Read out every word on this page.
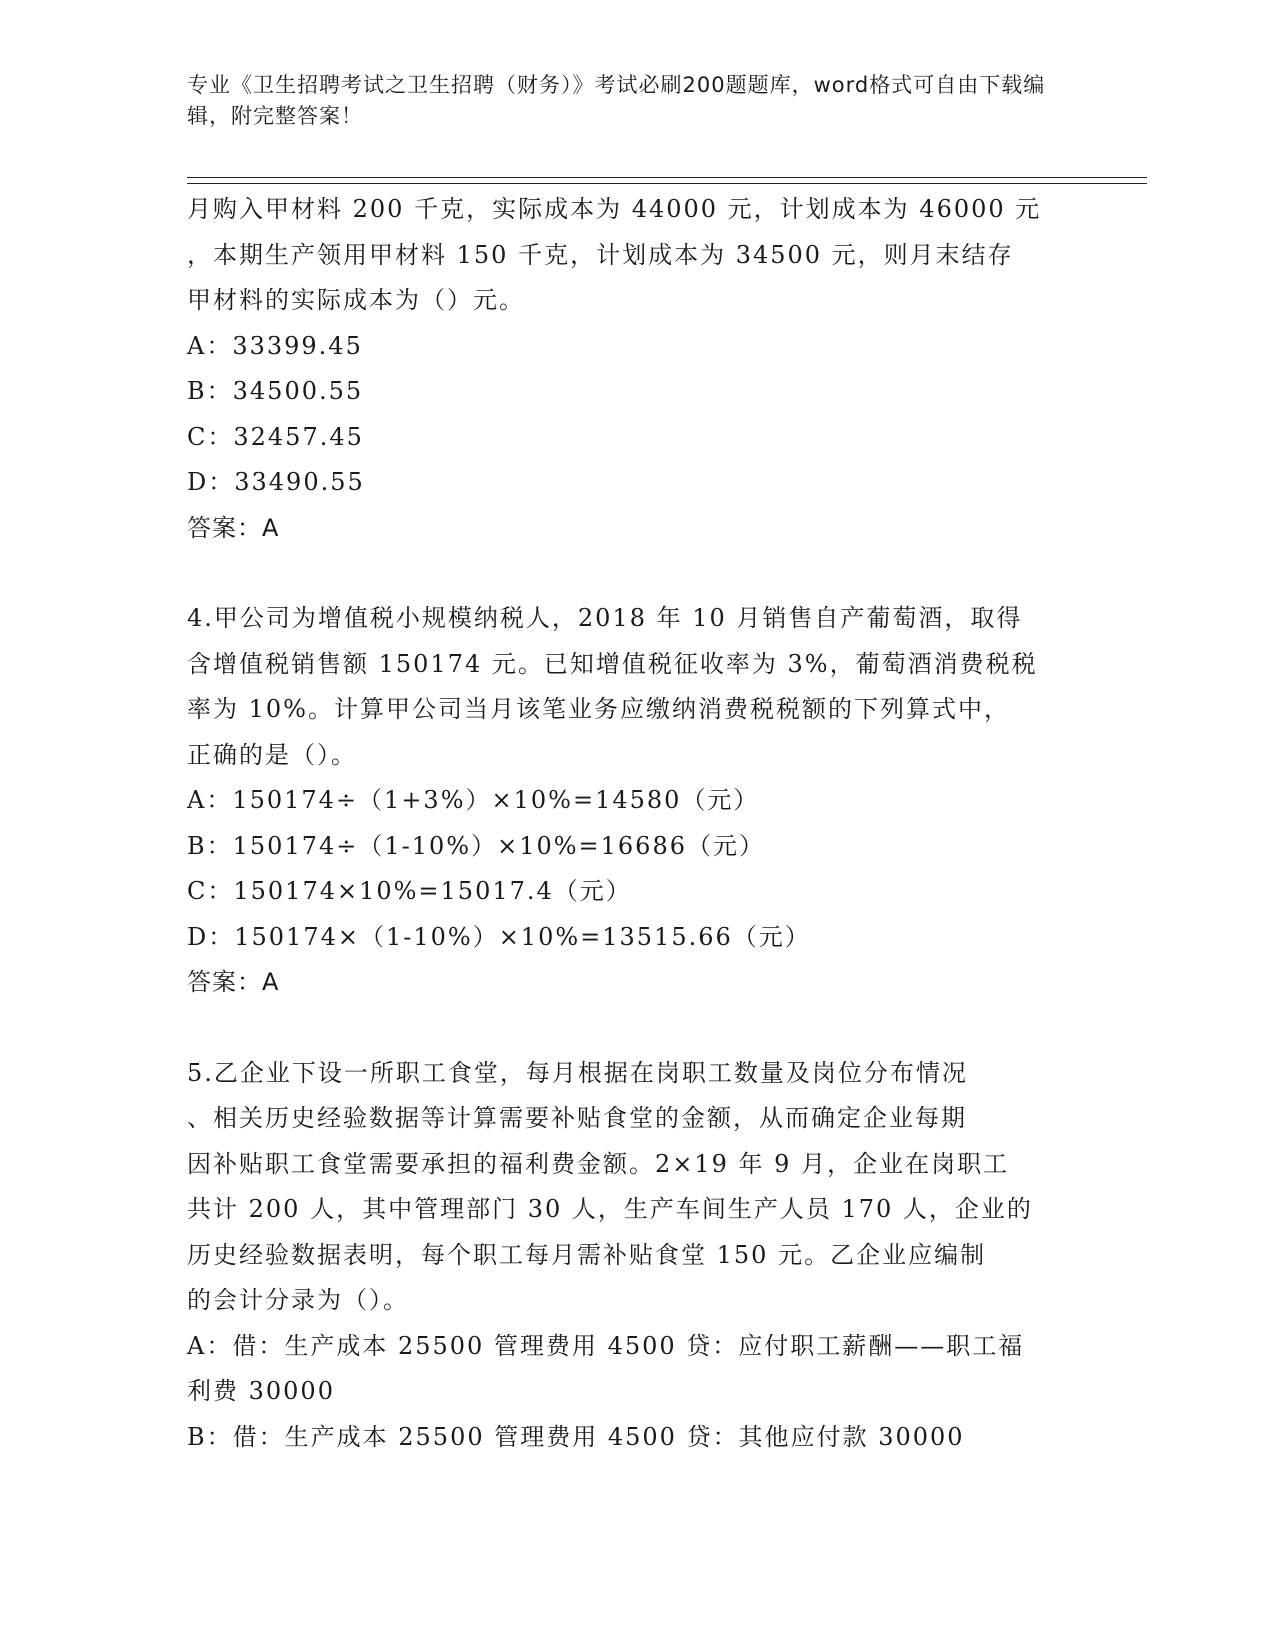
专业《卫生招聘考试之卫生招聘（财务）》考试必刷200题题库，word格式可自由下载编辑，附完整答案！
月购入甲材料 200 千克，实际成本为 44000 元，计划成本为 46000 元
，本期生产领用甲材料 150 千克，计划成本为 34500 元，则月末结存
甲材料的实际成本为（）元。
A：33399.45
B：34500.55
C：32457.45
D：33490.55
答案：A
4.甲公司为增值税小规模纳税人，2018 年 10 月销售自产葡萄酒，取得
含增值税销售额 150174 元。已知增值税征收率为 3%，葡萄酒消费税税
率为 10%。计算甲公司当月该笔业务应缴纳消费税税额的下列算式中，
正确的是（）。
A：150174÷（1+3%）×10%=14580（元）
B：150174÷（1-10%）×10%=16686（元）
C：150174×10%=15017.4（元）
D：150174×（1-10%）×10%=13515.66（元）
答案：A
5.乙企业下设一所职工食堂，每月根据在岗职工数量及岗位分布情况
、相关历史经验数据等计算需要补贴食堂的金额，从而确定企业每期
因补贴职工食堂需要承担的福利费金额。2×19 年 9 月，企业在岗职工
共计 200 人，其中管理部门 30 人，生产车间生产人员 170 人，企业的
历史经验数据表明，每个职工每月需补贴食堂 150 元。乙企业应编制
的会计分录为（）。
A：借：生产成本 25500 管理费用 4500 贷：应付职工薪酬——职工福
利费 30000
B：借：生产成本 25500 管理费用 4500 贷：其他应付款 30000
